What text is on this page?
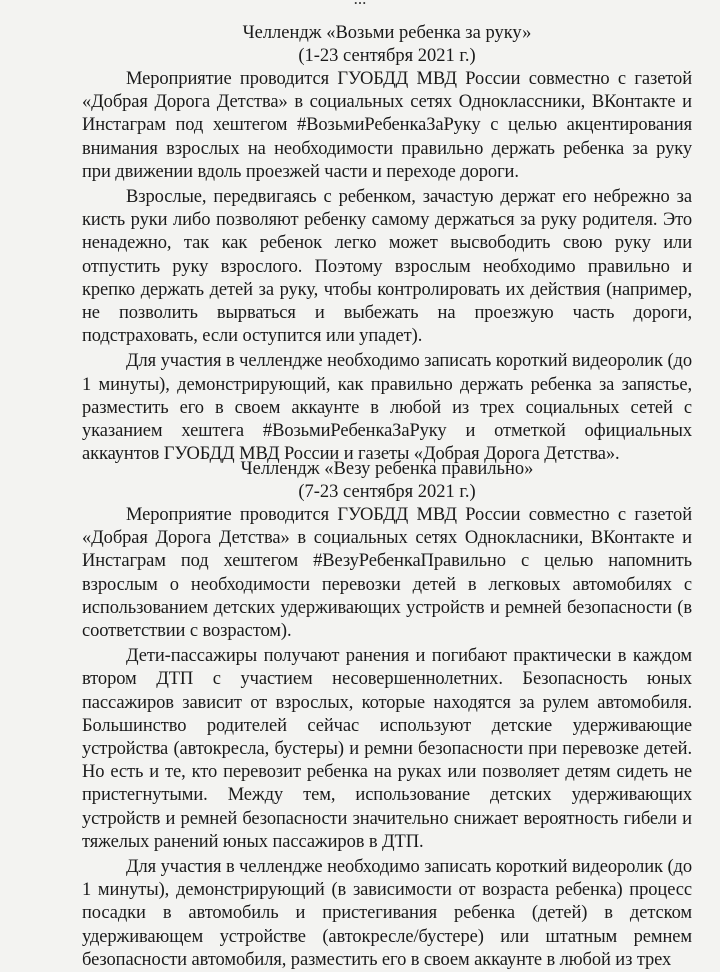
Челлендж «Возьми ребенка за руку»

(1-23 сентября 2021 г.)

Мероприятие проводится ГУОБДД МВД России совместно с газетой «Добрая Дорога Детства» в социальных сетях Одноклассники, ВКонтакте и Инстаграм под хештегом #ВозьмиРебенкаЗаРуку с целью акцентирования внимания взрослых на необходимости правильно держать ребенка за руку при движении вдоль проезжей части и переходе дороги.

Взрослые, передвигаясь с ребенком, зачастую держат его небрежно за кисть руки либо позволяют ребенку самому держаться за руку родителя. Это ненадежно, так как ребенок легко может высвободить свою руку или отпустить руку взрослого. Поэтому взрослым необходимо правильно и крепко держать детей за руку, чтобы контролировать их действия (например, не позволить вырваться и выбежать на проезжую часть дороги, подстраховать, если оступится или упадет).

Для участия в челлендже необходимо записать короткий видеоролик (до 1 минуты), демонстрирующий, как правильно держать ребенка за запястье, разместить его в своем аккаунте в любой из трех социальных сетей с указанием хештега #ВозьмиРебенкаЗаРуку и отметкой официальных аккаунтов ГУОБДД МВД России и газеты «Добрая Дорога Детства».

Челлендж «Везу ребенка правильно»

(7-23 сентября 2021 г.)

Мероприятие проводится ГУОБДД МВД России совместно с газетой «Добрая Дорога Детства» в социальных сетях Однокласники, ВКонтакте и Инстаграм под хештегом #ВезуРебенкаПравильно с целью напомнить взрослым о необходимости перевозки детей в легковых автомобилях с использованием детских удерживающих устройств и ремней безопасности (в соответствии с возрастом).

Дети-пассажиры получают ранения и погибают практически в каждом втором ДТП с участием несовершеннолетних. Безопасность юных пассажиров зависит от взрослых, которые находятся за рулем автомобиля. Большинство родителей сейчас используют детские удерживающие устройства (автокресла, бустеры) и ремни безопасности при перевозке детей. Но есть и те, кто перевозит ребенка на руках или позволяет детям сидеть не пристегнутыми. Между тем, использование детских удерживающих устройств и ремней безопасности значительно снижает вероятность гибели и тяжелых ранений юных пассажиров в ДТП.

Для участия в челлендже необходимо записать короткий видеоролик (до 1 минуты), демонстрирующий (в зависимости от возраста ребенка) процесс посадки в автомобиль и пристегивания ребенка (детей) в детском удерживающем устройстве (автокресле/бустере) или штатным ремнем безопасности автомобиля, разместить его в своем аккаунте в любой из трех
